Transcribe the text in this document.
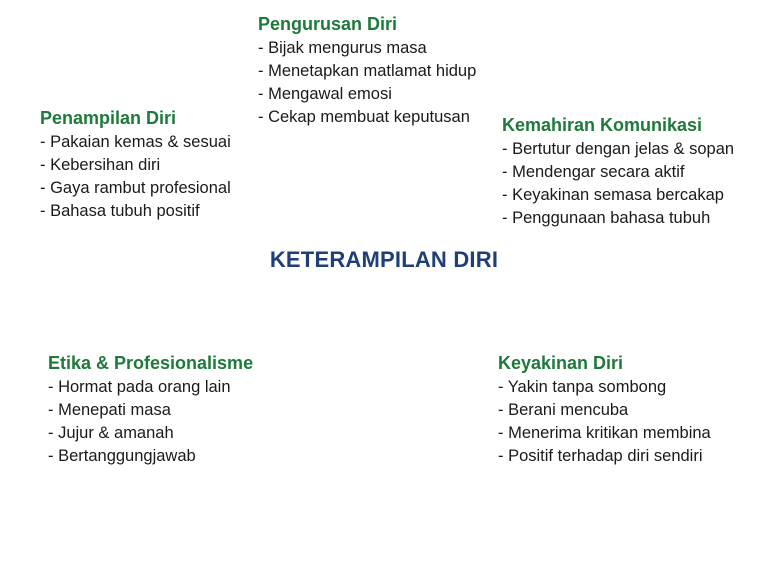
KETERAMPILAN DIRI
Pengurusan Diri
- Bijak mengurus masa
- Menetapkan matlamat hidup
- Mengawal emosi
- Cekap membuat keputusan
Penampilan Diri
- Pakaian kemas & sesuai
- Kebersihan diri
- Gaya rambut profesional
- Bahasa tubuh positif
Kemahiran Komunikasi
- Bertutur dengan jelas & sopan
- Mendengar secara aktif
- Keyakinan semasa bercakap
- Penggunaan bahasa tubuh
Etika & Profesionalisme
- Hormat pada orang lain
- Menepati masa
- Jujur & amanah
- Bertanggungjawab
Keyakinan Diri
- Yakin tanpa sombong
- Berani mencuba
- Menerima kritikan membina
- Positif terhadap diri sendiri
